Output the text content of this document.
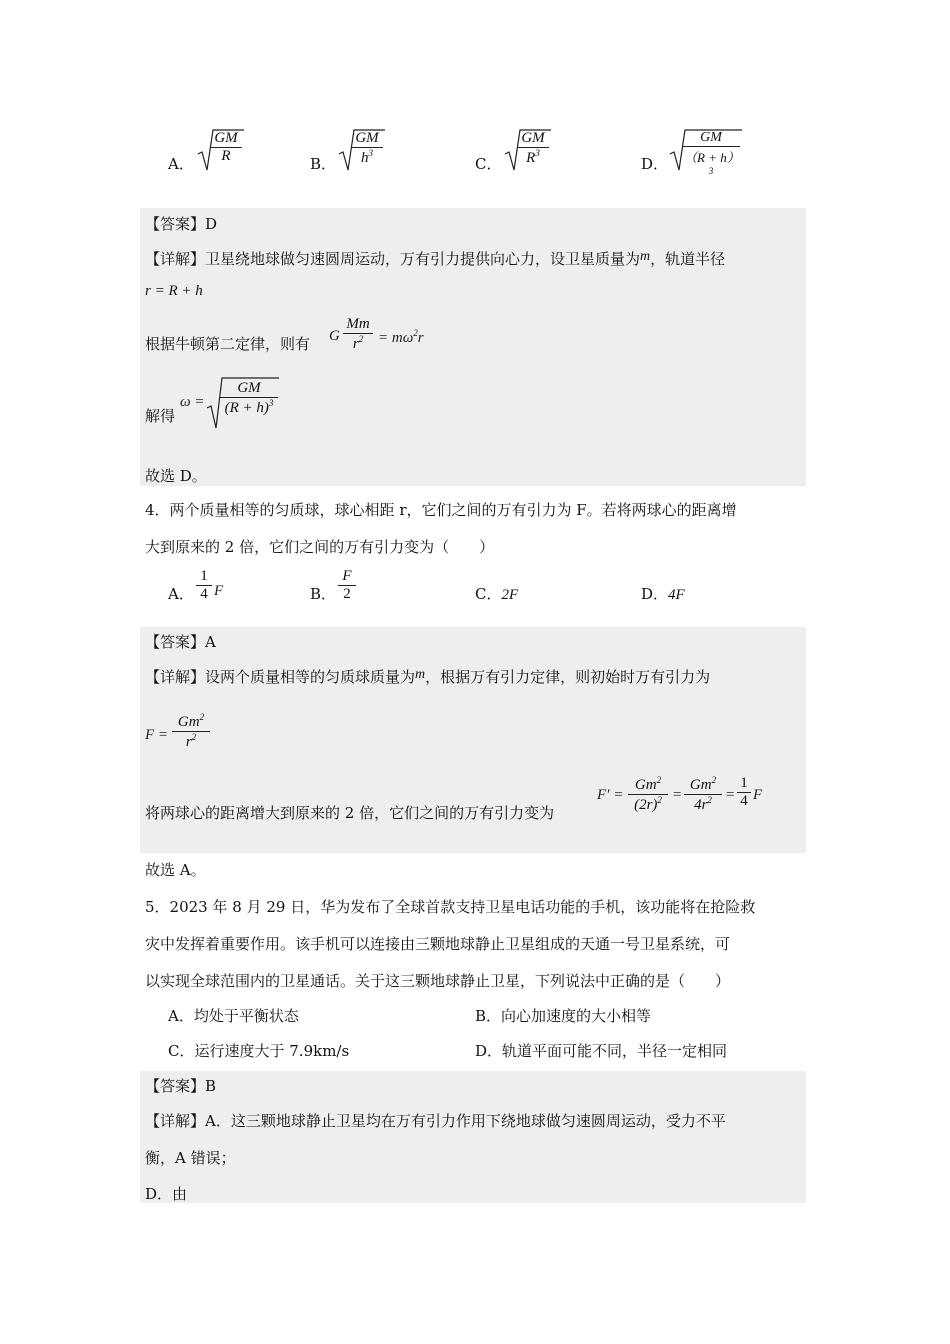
A．
GM
R	B．
GM
$h^3$
C．
GM
$R^3$
D．
GM
$(R + h)^3$
【答案】D
【详解】卫星绕地球做匀速圆周运动，万有引力提供向心力，设卫星质量为m，轨道半径
r = R + h
根据牛顿第二定律，则有 G
Mm
$r^2 = m\omega^2r$
解得
ω =
GM
$(R + h)^3$
故选 D。
4．两个质量相等的匀质球，球心相距 r，它们之间的万有引力为 F。若将两球心的距离增
大到原来的 2 倍，它们之间的万有引力变为（　　）
A．
1
4 F	B．
F
2	C．2F	D．4F
【答案】A
【详解】设两个质量相等的匀质球质量为m，根据万有引力定律，则初始时万有引力为
F =
$Gm^2$
$r^2$
将两球心的距离增大到原来的 2 倍，它们之间的万有引力变为
F′ =
$Gm^2$
$(2r)^2$ =
$Gm^2$
$4r^2$ =
1
4 F
故选 A。
5．2023 年 8 月 29 日，华为发布了全球首款支持卫星电话功能的手机，该功能将在抢险救
灾中发挥着重要作用。该手机可以连接由三颗地球静止卫星组成的天通一号卫星系统，可
以实现全球范围内的卫星通话。关于这三颗地球静止卫星，下列说法中正确的是（　　）
A．均处于平衡状态	B．向心加速度的大小相等
C．运行速度大于 7.9km/s	D．轨道平面可能不同，半径一定相同
【答案】B
【详解】A．这三颗地球静止卫星均在万有引力作用下绕地球做匀速圆周运动，受力不平
衡，A 错误；
D．由
